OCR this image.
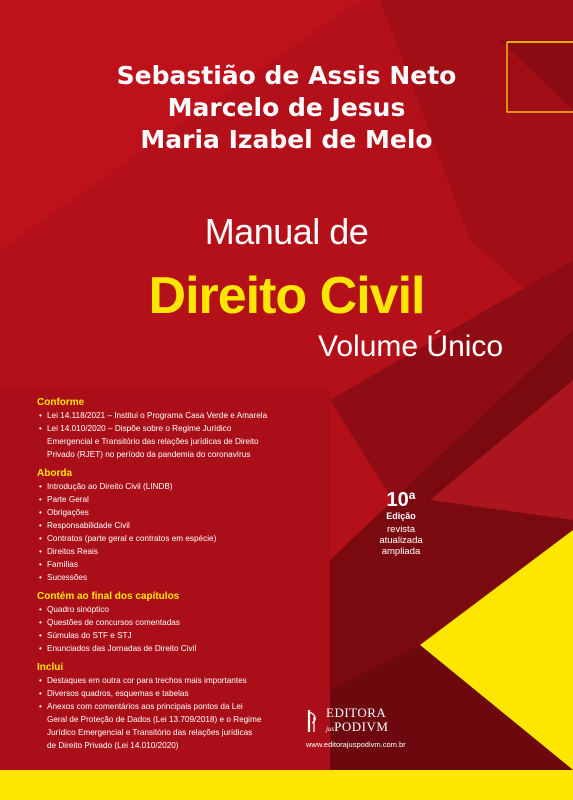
Sebastião de Assis Neto
Marcelo de Jesus
Maria Izabel de Melo
Manual de
Direito Civil
Volume Único
Conforme
• Lei 14.118/2021 – Institui o Programa Casa Verde e Amarela
• Lei 14.010/2020 – Dispõe sobre o Regime Jurídico
Emergencial e Transitório das relações jurídicas de Direito
Privado (RJET) no período da pandemia do coronavírus
Aborda
• Introdução ao Direito Civil (LINDB)
• Parte Geral
• Obrigações
• Responsabilidade Civil
• Contratos (parte geral e contratos em espécie)
• Direitos Reais
• Famílias
• Sucessões
Contém ao final dos capítulos
• Quadro sinóptico
• Questões de concursos comentadas
• Súmulas do STF e STJ
• Enunciados das Jornadas de Direito Civil
Inclui
• Destaques em outra cor para trechos mais importantes
• Diversos quadros, esquemas e tabelas
• Anexos com comentários aos principais pontos da Lei
Geral de Proteção de Dados (Lei 13.709/2018) e o Regime
Jurídico Emergencial e Transitório das relações jurídicas
de Direito Privado (Lei 14.010/2020)
10$^a$
Edição
revista
atualizada
ampliada
EDITORA
jusPODIVM
www.editorajuspodivm.com.br
